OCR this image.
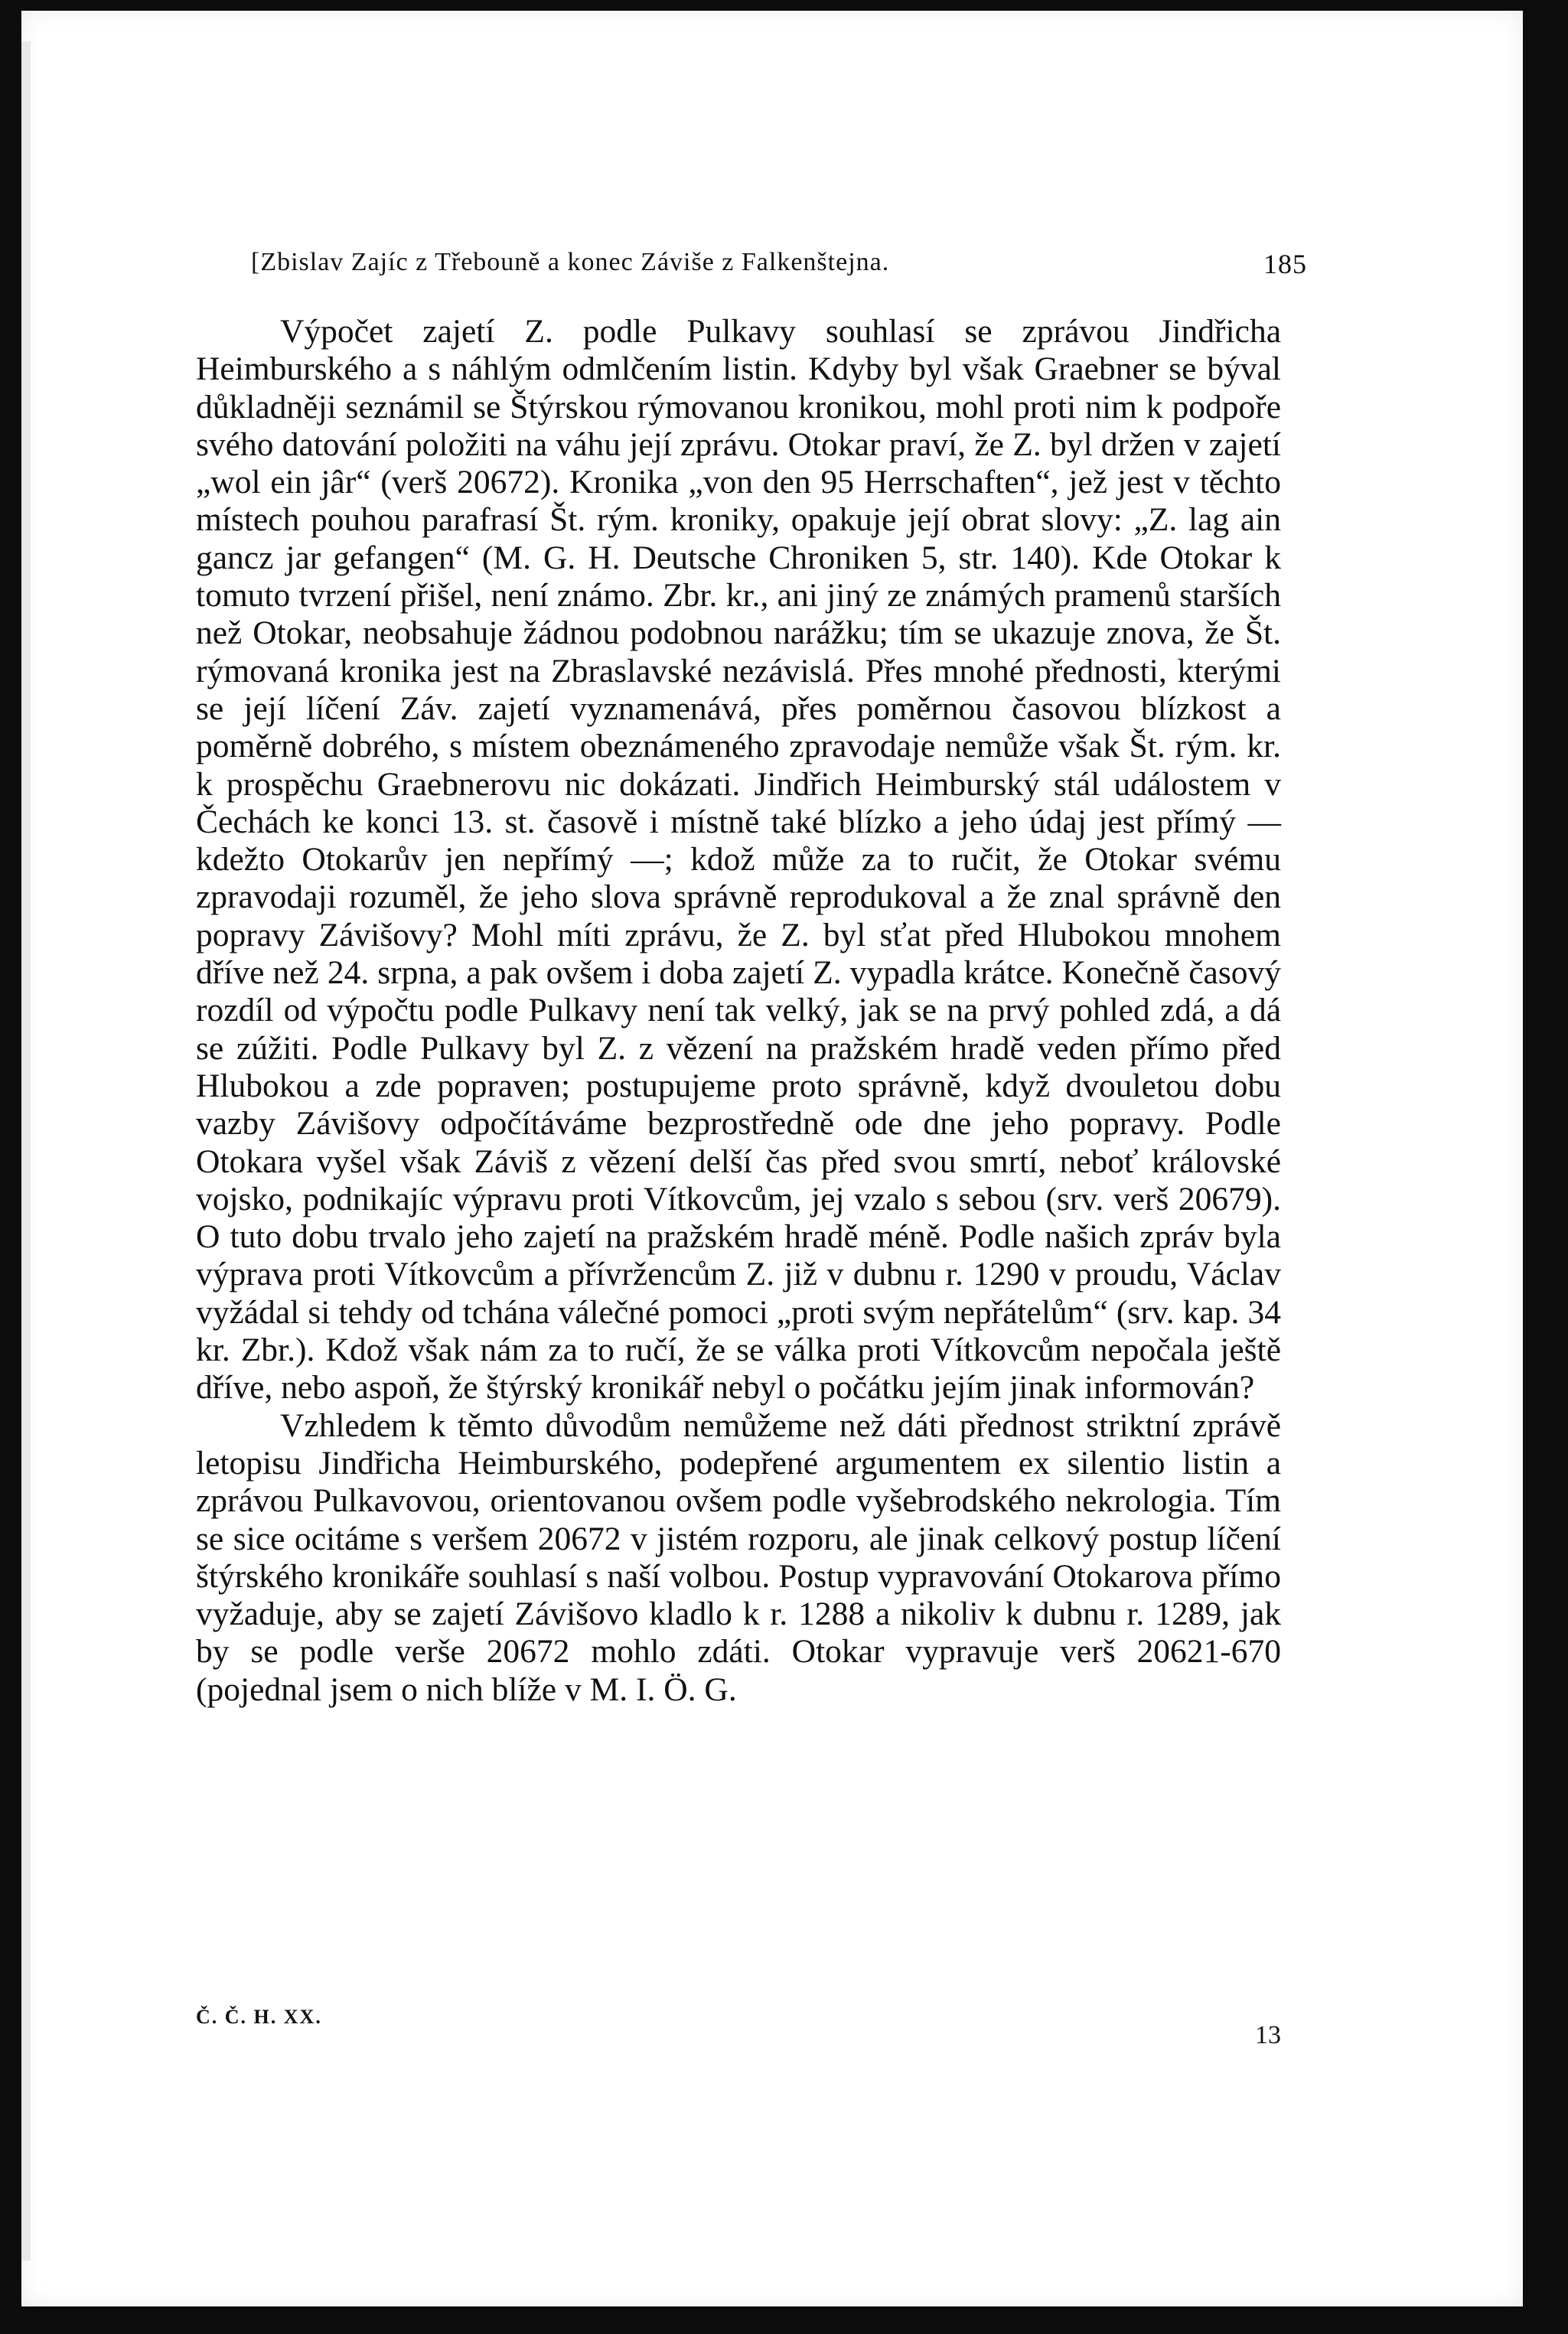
[Zbislav Zajíc z Třebouně a konec Záviše z Falkenštejna.	185

Výpočet zajetí Z. podle Pulkavy souhlasí se zprávou Jindřicha Heimburského a s náhlým odmlčením listin. Kdyby byl však Graebner se býval důkladněji seznámil se Štýrskou rýmovanou kronikou, mohl proti nim k podpoře svého datování položiti na váhu její zprávu. Otokar praví, že Z. byl držen v zajetí „wol ein jâr“ (verš 20672). Kronika „von den 95 Herrschaften“, jež jest v těchto místech pouhou parafrasí Št. rým. kroniky, opakuje její obrat slovy: „Z. lag ain gancz jar gefangen“ (M. G. H. Deutsche Chroniken 5, str. 140). Kde Otokar k tomuto tvrzení přišel, není známo. Zbr. kr., ani jiný ze známých pramenů starších než Otokar, neobsahuje žádnou podobnou narážku; tím se ukazuje znova, že Št. rýmovaná kronika jest na Zbraslavské nezávislá. Přes mnohé přednosti, kterými se její líčení Záv. zajetí vyznamenává, přes poměrnou časovou blízkost a poměrně dobrého, s místem obeznámeného zpravodaje nemůže však Št. rým. kr. k prospěchu Graebnerovu nic dokázati. Jindřich Heimburský stál událostem v Čechách ke konci 13. st. časově i místně také blízko a jeho údaj jest přímý — kdežto Otokarův jen nepřímý —; kdož může za to ručit, že Otokar svému zpravodaji rozuměl, že jeho slova správně reprodukoval a že znal správně den popravy Závišovy? Mohl míti zprávu, že Z. byl sťat před Hlubokou mnohem dříve než 24. srpna, a pak ovšem i doba zajetí Z. vypadla krátce. Konečně časový rozdíl od výpočtu podle Pulkavy není tak velký, jak se na prvý pohled zdá, a dá se zúžiti. Podle Pulkavy byl Z. z vězení na pražském hradě veden přímo před Hlubokou a zde popraven; postupujeme proto správně, když dvouletou dobu vazby Závišovy odpočítáváme bezprostředně ode dne jeho popravy. Podle Otokara vyšel však Záviš z vězení delší čas před svou smrtí, neboť královské vojsko, podnikajíc výpravu proti Vítkovcům, jej vzalo s sebou (srv. verš 20679). O tuto dobu trvalo jeho zajetí na pražském hradě méně. Podle našich zpráv byla výprava proti Vítkovcům a přívržencům Z. již v dubnu r. 1290 v proudu, Václav vyžádal si tehdy od tchána válečné pomoci „proti svým nepřátelům“ (srv. kap. 34 kr. Zbr.). Kdož však nám za to ručí, že se válka proti Vítkovcům nepočala ještě dříve, nebo aspoň, že štýrský kronikář nebyl o počátku jejím jinak informován?

Vzhledem k těmto důvodům nemůžeme než dáti přednost striktní zprávě letopisu Jindřicha Heimburského, podepřené argumentem ex silentio listin a zprávou Pulkavovou, orientovanou ovšem podle vyšebrodského nekrologia. Tím se sice ocitáme s veršem 20672 v jistém rozporu, ale jinak celkový postup líčení štýrského kronikáře souhlasí s naší volbou. Postup vypravování Otokarova přímo vyžaduje, aby se zajetí Závišovo kladlo k r. 1288 a nikoliv k dubnu r. 1289, jak by se podle verše 20672 mohlo zdáti. Otokar vypravuje verš 20621-670 (pojednal jsem o nich blíže v M. I. Ö. G.

Č. Č. H. XX.
13
